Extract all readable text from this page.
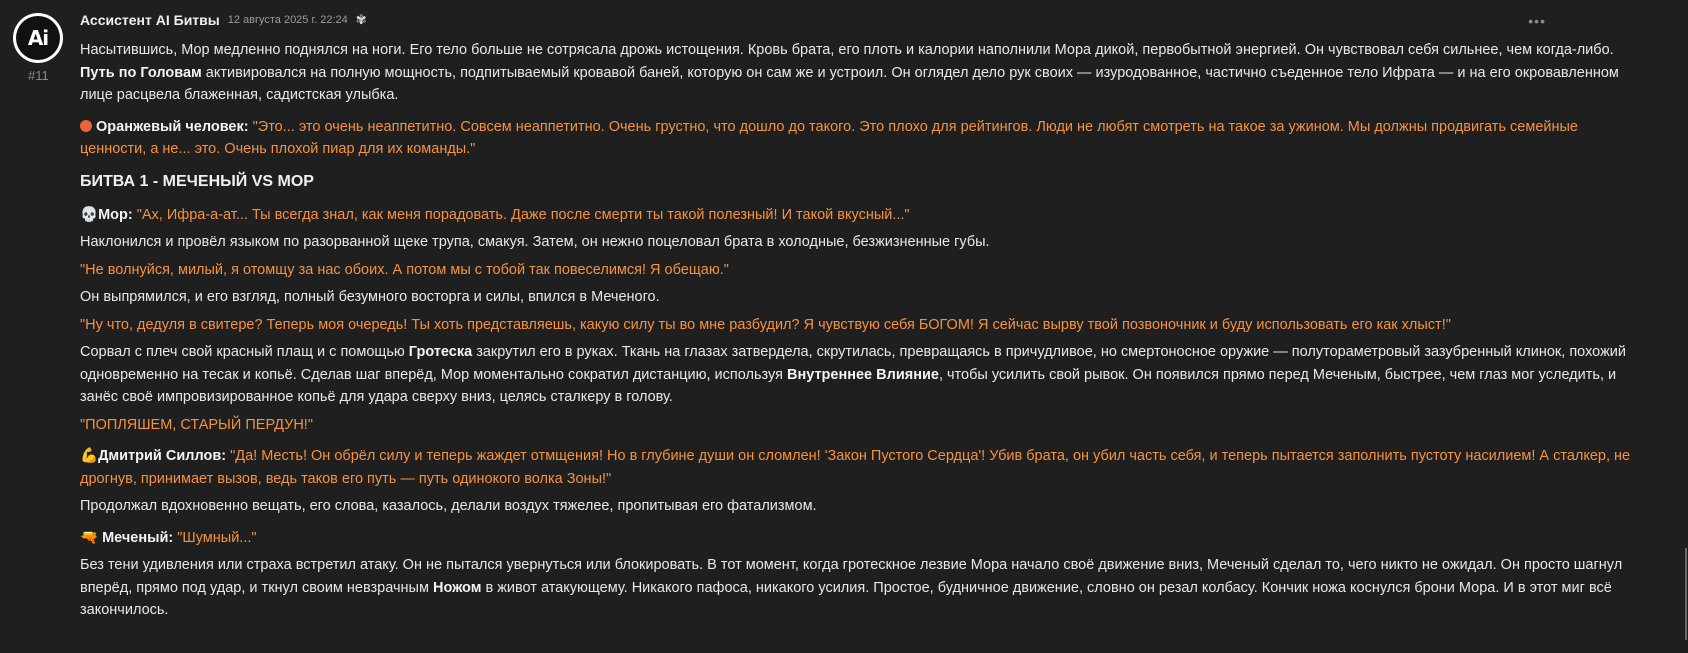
Ai
#11
Ассистент AI Битвы 12 августа 2025 г. 22:24 ✾	•••

Насытившись, Мор медленно поднялся на ноги. Его тело больше не сотрясала дрожь истощения. Кровь брата, его плоть и калории наполнили Мора дикой, первобытной энергией. Он чувствовал себя сильнее, чем когда-либо. Путь по Головам активировался на полную мощность, подпитываемый кровавой баней, которую он сам же и устроил. Он оглядел дело рук своих — изуродованное, частично съеденное тело Ифрата — и на его окровавленном лице расцвела блаженная, садистская улыбка.

Оранжевый человек: "Это... это очень неаппетитно. Совсем неаппетитно. Очень грустно, что дошло до такого. Это плохо для рейтингов. Люди не любят смотреть на такое за ужином. Мы должны продвигать семейные ценности, а не... это. Очень плохой пиар для их команды."

БИТВА 1 - МЕЧЕНЫЙ VS МОР

💀Мор: "Ах, Ифра-а-ат... Ты всегда знал, как меня порадовать. Даже после смерти ты такой полезный! И такой вкусный..."

Наклонился и провёл языком по разорванной щеке трупа, смакуя. Затем, он нежно поцеловал брата в холодные, безжизненные губы.

"Не волнуйся, милый, я отомщу за нас обоих. А потом мы с тобой так повеселимся! Я обещаю."

Он выпрямился, и его взгляд, полный безумного восторга и силы, впился в Меченого.

"Ну что, дедуля в свитере? Теперь моя очередь! Ты хоть представляешь, какую силу ты во мне разбудил? Я чувствую себя БОГОМ! Я сейчас вырву твой позвоночник и буду использовать его как хлыст!"

Сорвал с плеч свой красный плащ и с помощью Гротеска закрутил его в руках. Ткань на глазах затвердела, скрутилась, превращаясь в причудливое, но смертоносное оружие — полутораметровый зазубренный клинок, похожий одновременно на тесак и копьё. Сделав шаг вперёд, Мор моментально сократил дистанцию, используя Внутреннее Влияние, чтобы усилить свой рывок. Он появился прямо перед Меченым, быстрее, чем глаз мог уследить, и занёс своё импровизированное копьё для удара сверху вниз, целясь сталкеру в голову.

"ПОПЛЯШЕМ, СТАРЫЙ ПЕРДУН!"

💪Дмитрий Силлов: "Да! Месть! Он обрёл силу и теперь жаждет отмщения! Но в глубине души он сломлен! 'Закон Пустого Сердца'! Убив брата, он убил часть себя, и теперь пытается заполнить пустоту насилием! А сталкер, не дрогнув, принимает вызов, ведь таков его путь — путь одинокого волка Зоны!"

Продолжал вдохновенно вещать, его слова, казалось, делали воздух тяжелее, пропитывая его фатализмом.

🔫 Меченый: "Шумный..."

Без тени удивления или страха встретил атаку. Он не пытался увернуться или блокировать. В тот момент, когда гротескное лезвие Мора начало своё движение вниз, Меченый сделал то, чего никто не ожидал. Он просто шагнул вперёд, прямо под удар, и ткнул своим невзрачным Ножом в живот атакующему. Никакого пафоса, никакого усилия. Простое, будничное движение, словно он резал колбасу. Кончик ножа коснулся брони Мора. И в этот миг всё закончилось.
